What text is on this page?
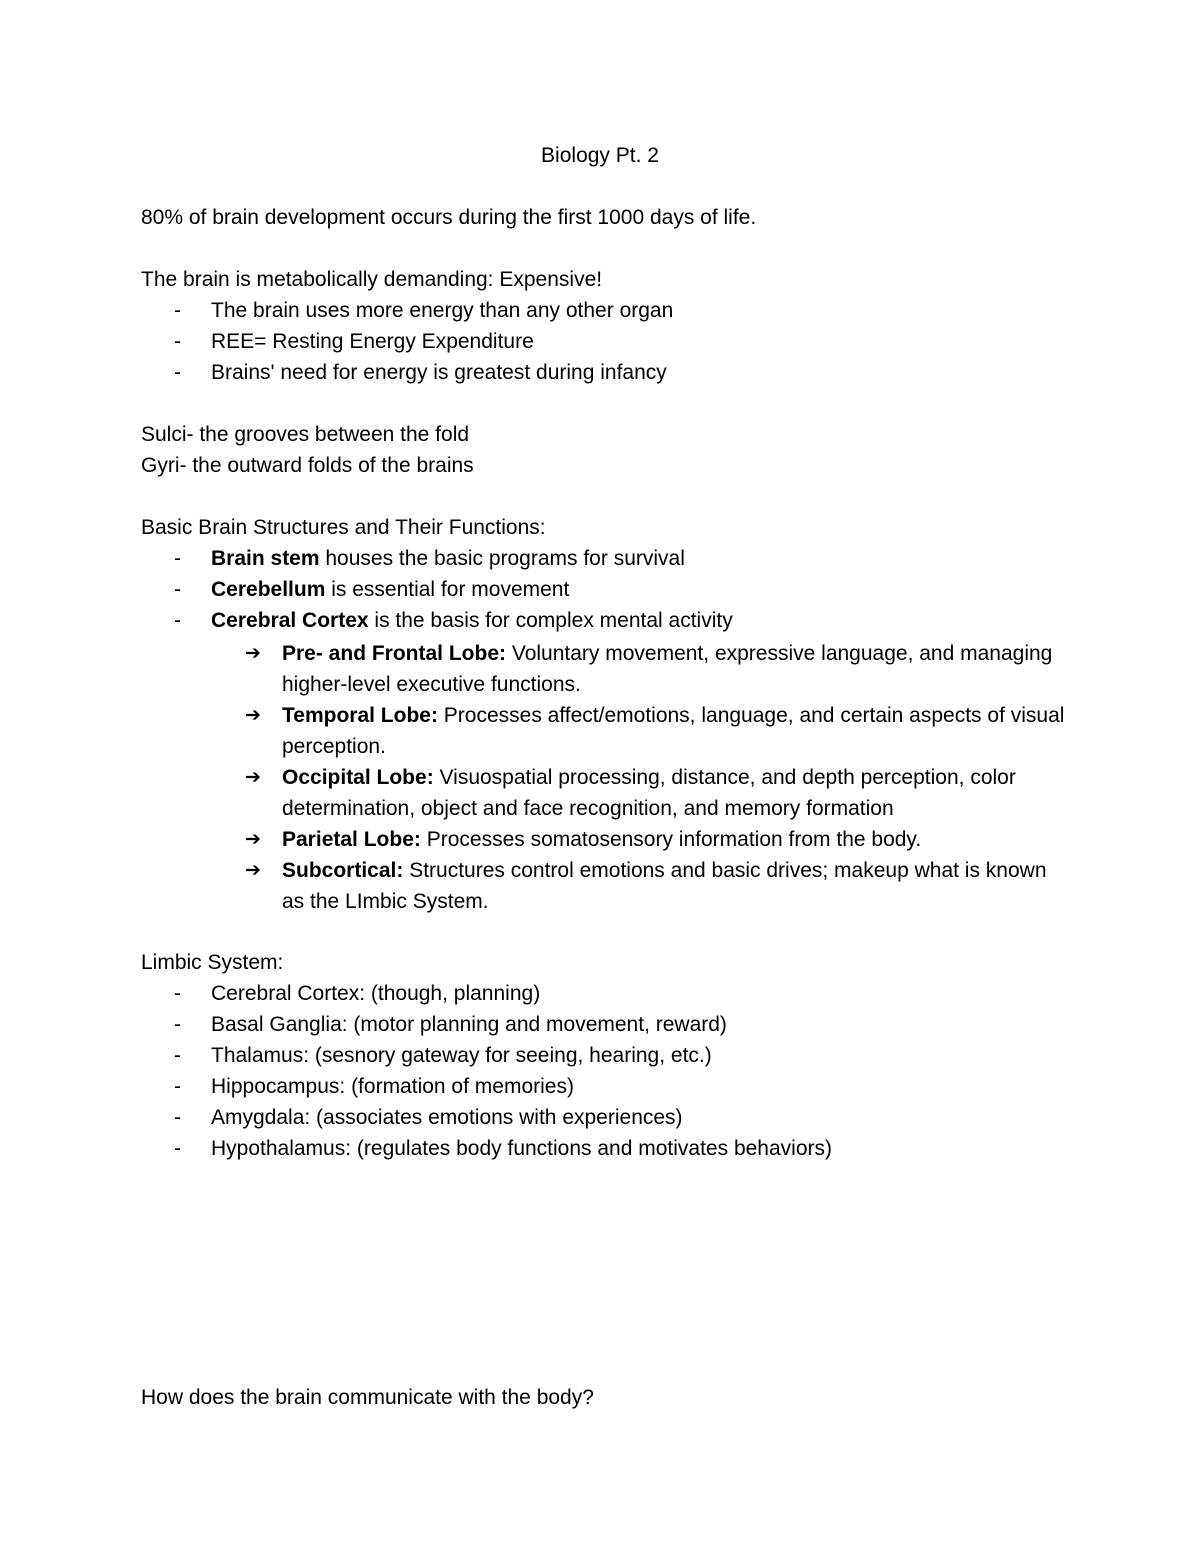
Biology Pt. 2
80% of brain development occurs during the first 1000 days of life.
The brain is metabolically demanding: Expensive!
- The brain uses more energy than any other organ
- REE= Resting Energy Expenditure
- Brains' need for energy is greatest during infancy
Sulci- the grooves between the fold
Gyri- the outward folds of the brains
Basic Brain Structures and Their Functions:
- Brain stem houses the basic programs for survival
- Cerebellum is essential for movement
- Cerebral Cortex is the basis for complex mental activity
➔ Pre- and Frontal Lobe: Voluntary movement, expressive language, and managing higher-level executive functions.
➔ Temporal Lobe: Processes affect/emotions, language, and certain aspects of visual perception.
➔ Occipital Lobe: Visuospatial processing, distance, and depth perception, color determination, object and face recognition, and memory formation
➔ Parietal Lobe: Processes somatosensory information from the body.
➔ Subcortical: Structures control emotions and basic drives; makeup what is known as the LImbic System.
Limbic System:
- Cerebral Cortex: (though, planning)
- Basal Ganglia: (motor planning and movement, reward)
- Thalamus: (sesnory gateway for seeing, hearing, etc.)
- Hippocampus: (formation of memories)
- Amygdala: (associates emotions with experiences)
- Hypothalamus: (regulates body functions and motivates behaviors)
How does the brain communicate with the body?
